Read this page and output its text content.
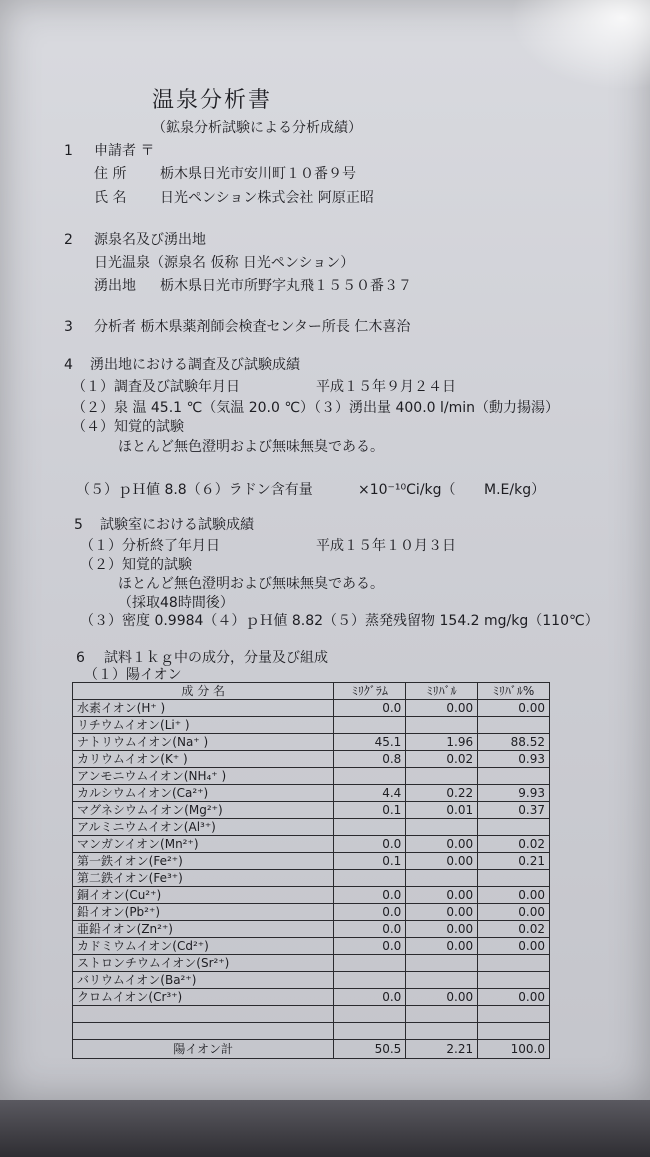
温泉分析書
（鉱泉分析試験による分析成績）
1 申請者 〒
住 所 栃木県日光市安川町１０番９号
氏 名 日光ペンション株式会社 阿原正昭
2 源泉名及び湧出地
日光温泉（源泉名 仮称 日光ペンション）
湧出地 栃木県日光市所野字丸飛１５５０番３７
3 分析者 栃木県薬剤師会検査センター所長 仁木喜治
4 湧出地における調査及び試験成績
（１）調査及び試験年月日	平成１５年９月２４日
（２）泉 温 45.1 ℃（気温 20.0 ℃）（３）湧出量 400.0 l/min（動力揚湯）
（４）知覚的試験
ほとんど無色澄明および無味無臭である。
（５）ｐＨ値 8.8（６）ラドン含有量	×10⁻¹⁰Ci/kg（ M.E/kg）
5 試験室における試験成績
（１）分析終了年月日	平成１５年１０月３日
（２）知覚的試験
ほとんど無色澄明および無味無臭である。
（採取48時間後）
（３）密度 0.9984（４）ｐＨ値 8.82（５）蒸発残留物 154.2 mg/kg（110℃）
6 試料１ｋｇ中の成分，分量及び組成
（１）陽イオン
成 分 名	ﾐﾘｸﾞﾗﾑ	ﾐﾘﾊﾞﾙ	ﾐﾘﾊﾞﾙ%
水素イオン(H⁺ )	0.0	0.00	0.00
リチウムイオン(Li⁺ )			
ナトリウムイオン(Na⁺ )	45.1	1.96	88.52
カリウムイオン(K⁺ )	0.8	0.02	0.93
アンモニウムイオン(NH₄⁺ )			
カルシウムイオン(Ca²⁺)	4.4	0.22	9.93
マグネシウムイオン(Mg²⁺)	0.1	0.01	0.37
アルミニウムイオン(Al³⁺)			
マンガンイオン(Mn²⁺)	0.0	0.00	0.02
第一鉄イオン(Fe²⁺)	0.1	0.00	0.21
第二鉄イオン(Fe³⁺)			
銅イオン(Cu²⁺)	0.0	0.00	0.00
鉛イオン(Pb²⁺)	0.0	0.00	0.00
亜鉛イオン(Zn²⁺)	0.0	0.00	0.02
カドミウムイオン(Cd²⁺)	0.0	0.00	0.00
ストロンチウムイオン(Sr²⁺)			
バリウムイオン(Ba²⁺)			
クロムイオン(Cr³⁺)	0.0	0.00	0.00

陽イオン計	50.5	2.21	100.0
